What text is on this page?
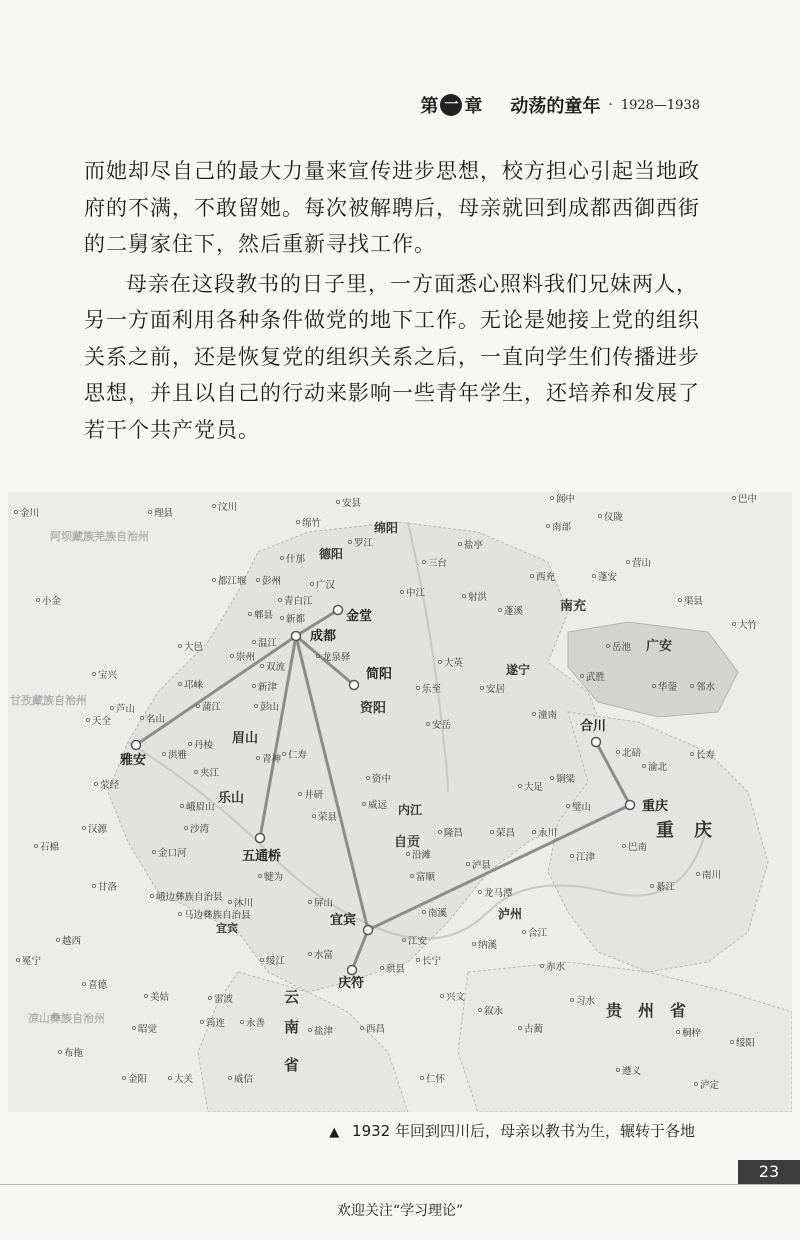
第 一 章 动荡的童年 · 1928—1938

而她却尽自己的最大力量来宣传进步思想，校方担心引起当地政府的不满，不敢留她。每次被解聘后，母亲就回到成都西御西街的二舅家住下，然后重新寻找工作。

母亲在这段教书的日子里，一方面悉心照料我们兄妹两人，另一方面利用各种条件做党的地下工作。无论是她接上党的组织关系之前，还是恢复党的组织关系之后，一直向学生们传播进步思想，并且以自己的行动来影响一些青年学生，还培养和发展了若干个共产党员。

金川	理县
汶川	安县
南部
仪陇
阆中	巴中
绵竹
罗江
什邡	三台
盐亭
西充
营山
蓬安
小金
都江堰 彭州
青白江
广汉
中江	射洪
蓬溪
渠县
大竹
郫县 新都
温江
龙泉驿
大邑
崇州
双流
邛崃	新津
大英
乐至	安居
岳池
武胜
华蓥 邻水
宝兴
芦山
名山
蒲江	彭山
天全
丹棱
洪雅	青神 仁寿
安岳
潼南
北碚	长寿
荥经
夹江
峨眉山
井研
资中
威远
大足
铜梁
璧山
渝北
汉源	沙湾
荣县
隆昌	荣昌 永川
石棉
金口河
犍为
沿滩
富顺
泸县
江津
巴南
甘洛
峨边彝族自治县
马边彝族自治县
沐川	屏山
龙马潭
南溪
綦江
南川
越西	江安	纳溪
合江
冕宁	绥江
水富
长宁
珙县	赤水
习水
喜德
美姑	雷波
筠连
兴文
叙永
古蔺	桐梓
绥阳
昭觉
永善
盐津	西昌
布拖
金阳	大关	威信	仁怀
遵义
泸定
成都
雅安
金堂
简阳
五通桥
宜宾
庆符
合川
重庆
绵阳
德阳
南充
广安
遂宁
资阳
内江
自贡
眉山
乐山
泸州
宜宾
重庆
贵州省
云
南
省
阿坝藏族羌族自治州
甘孜藏族自治州
凉山彝族自治州
▲ 1932 年回到四川后，母亲以教书为生，辗转于各地
23
欢迎关注“学习理论”
